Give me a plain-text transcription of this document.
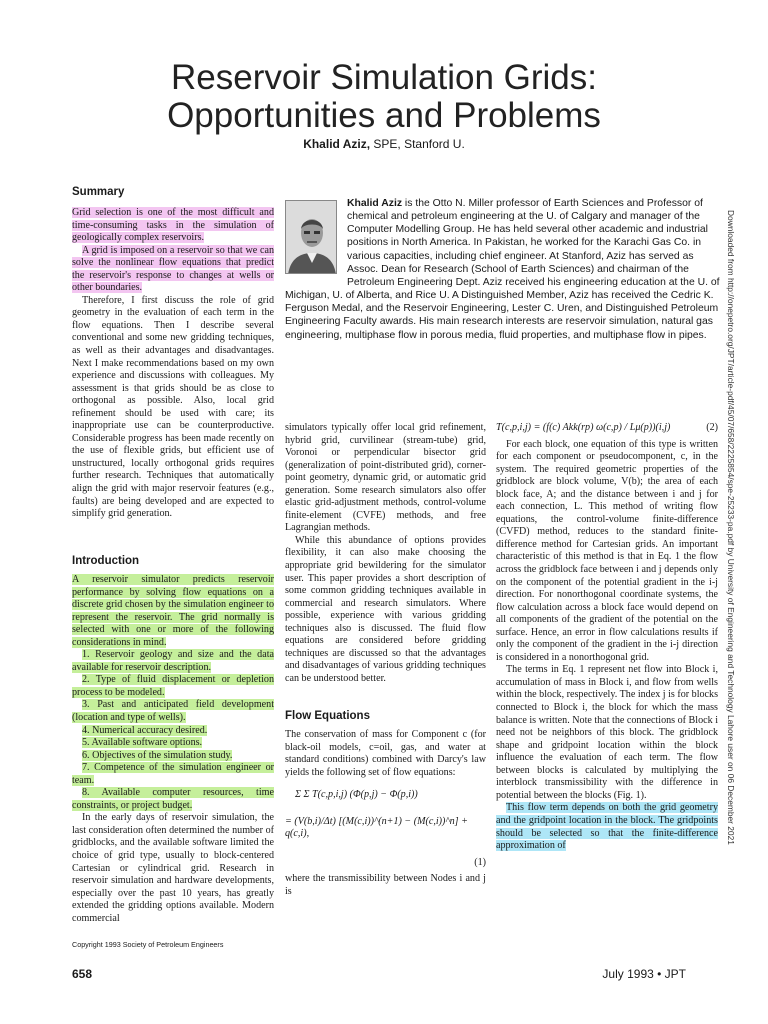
Reservoir Simulation Grids:
Opportunities and Problems
Khalid Aziz, SPE, Stanford U.
Summary

Grid selection is one of the most difficult and time-consuming tasks in the simulation of geologically complex reservoirs.

A grid is imposed on a reservoir so that we can solve the nonlinear flow equations that predict the reservoir's response to changes at wells or other boundaries.

Therefore, I first discuss the role of grid geometry in the evaluation of each term in the flow equations. Then I describe several conventional and some new gridding techniques, as well as their advantages and disadvantages. Next I make recommendations based on my own experience and discussions with colleagues. My assessment is that grids should be as close to orthogonal as possible. Also, local grid refinement should be used with care; its inappropriate use can be counterproductive. Considerable progress has been made recently on the use of flexible grids, but efficient use of unstructured, locally orthogonal grids requires further research. Techniques that automatically align the grid with major reservoir features (e.g., faults) are being developed and are expected to simplify grid generation.

Introduction

A reservoir simulator predicts reservoir performance by solving flow equations on a discrete grid chosen by the simulation engineer to represent the reservoir. The grid normally is selected with one or more of the following considerations in mind.

1. Reservoir geology and size and the data available for reservoir description.

2. Type of fluid displacement or depletion process to be modeled.

3. Past and anticipated field development (location and type of wells).

4. Numerical accuracy desired.

5. Available software options.

6. Objectives of the simulation study.

7. Competence of the simulation engineer or team.

8. Available computer resources, time constraints, or project budget.

In the early days of reservoir simulation, the last consideration often determined the number of gridblocks, and the available software limited the choice of grid type, usually to block-centered Cartesian or cylindrical grid. Research in reservoir simulation and hardware developments, especially over the past 10 years, has greatly extended the gridding options available. Modern commercial

Khalid Aziz is the Otto N. Miller professor of Earth Sciences and Professor of chemical and petroleum engineering at the U. of Calgary and manager of the Computer Modelling Group. He has held several other academic and industrial positions in North America. In Pakistan, he worked for the Karachi Gas Co. in various capacities, including chief engineer. At Stanford, Aziz has served as Assoc. Dean for Research (School of Earth Sciences) and chairman of the Petroleum Engineering Dept. Aziz received his engineering education at the U. of Michigan, U. of Alberta, and Rice U. A Distinguished Member, Aziz has received the Cedric K. Ferguson Medal, and the Reservoir Engineering, Lester C. Uren, and Distinguished Petroleum Engineering Faculty awards. His main research interests are reservoir simulation, natural gas engineering, multiphase flow in porous media, fluid properties, and multiphase flow in pipes.

simulators typically offer local grid refinement, hybrid grid, curvilinear (stream-tube) grid, Voronoi or perpendicular bisector grid (generalization of point-distributed grid), corner-point geometry, dynamic grid, or automatic grid generation. Some research simulators also offer elastic grid-adjustment methods, control-volume finite-element (CVFE) methods, and free Lagrangian methods.

While this abundance of options provides flexibility, it can also make choosing the appropriate grid bewildering for the simulator user. This paper provides a short description of some common gridding techniques available in commercial and research simulators. Where possible, experience with various gridding techniques also is discussed. The fluid flow equations are considered before gridding techniques are discussed so that the advantages and disadvantages of various gridding techniques can be understood better.

Flow Equations

The conservation of mass for Component c (for black-oil models, c=oil, gas, and water at standard conditions) combined with Darcy's law yields the following set of flow equations:

Σ Σ T(c,p,i,j) (Φ(p,j) − Φ(p,i))

= (V(b,i)/Δt) [(M(c,i))^(n+1) − (M(c,i))^n] + q(c,i),

(1)

where the transmissibility between Nodes i and j is

T(c,p,i,j) = (f(c) Akk(rp) ω(c,p) / Lμ(p))(i,j)	(2)

For each block, one equation of this type is written for each component or pseudocomponent, c, in the system. The required geometric properties of the gridblock are block volume, V(b); the area of each block face, A; and the distance between i and j for each connection, L. This method of writing flow equations, the control-volume finite-difference (CVFD) method, reduces to the standard finite-difference method for Cartesian grids. An important characteristic of this method is that in Eq. 1 the flow across the gridblock face between i and j depends only on the component of the potential gradient in the i-j direction. For nonorthogonal coordinate systems, the flow calculation across a block face would depend on all components of the gradient of the potential on the surface. Hence, an error in flow calculations results if only the component of the gradient in the i-j direction is considered in a nonorthogonal grid.

The terms in Eq. 1 represent net flow into Block i, accumulation of mass in Block i, and flow from wells within the block, respectively. The index j is for blocks connected to Block i, the block for which the mass balance is written. Note that the connections of Block i need not be neighbors of this block. The gridblock shape and gridpoint location within the block influence the evaluation of each term. The flow between blocks is calculated by multiplying the interblock transmissibility with the difference in potential between the blocks (Fig. 1).

This flow term depends on both the grid geometry and the gridpoint location in the block. The gridpoints should be selected so that the finite-difference approximation of

Downloaded from http://onepetro.org/JPT/article-pdf/45/07/658/2225854/spe-25233-pa.pdf by University of Engineering and Technology Lahore user on 06 December 2021
Copyright 1993 Society of Petroleum Engineers
658	July 1993 • JPT
